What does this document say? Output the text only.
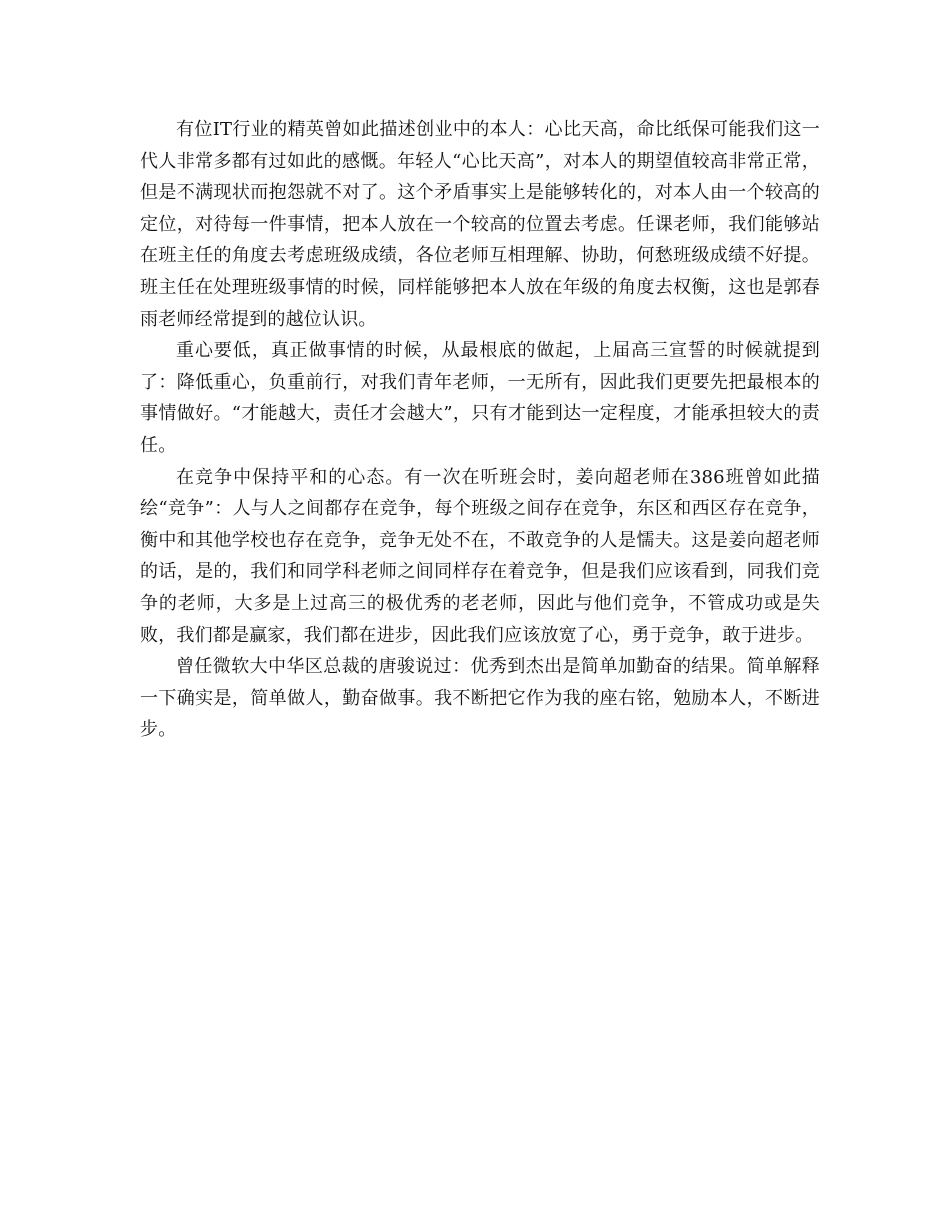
有位IT行业的精英曾如此描述创业中的本人：心比天高，命比纸保可能我们这一代人非常多都有过如此的感慨。年轻人“心比天高”，对本人的期望值较高非常正常，但是不满现状而抱怨就不对了。这个矛盾事实上是能够转化的，对本人由一个较高的定位，对待每一件事情，把本人放在一个较高的位置去考虑。任课老师，我们能够站在班主任的角度去考虑班级成绩，各位老师互相理解、协助，何愁班级成绩不好提。班主任在处理班级事情的时候，同样能够把本人放在年级的角度去权衡，这也是郭春雨老师经常提到的越位认识。

重心要低，真正做事情的时候，从最根底的做起，上届高三宣誓的时候就提到了：降低重心，负重前行，对我们青年老师，一无所有，因此我们更要先把最根本的事情做好。“才能越大，责任才会越大”，只有才能到达一定程度，才能承担较大的责任。

在竞争中保持平和的心态。有一次在听班会时，姜向超老师在386班曾如此描绘“竞争”：人与人之间都存在竞争，每个班级之间存在竞争，东区和西区存在竞争，衡中和其他学校也存在竞争，竞争无处不在，不敢竞争的人是懦夫。这是姜向超老师的话，是的，我们和同学科老师之间同样存在着竞争，但是我们应该看到，同我们竞争的老师，大多是上过高三的极优秀的老老师，因此与他们竞争，不管成功或是失败，我们都是赢家，我们都在进步，因此我们应该放宽了心，勇于竞争，敢于进步。

曾任微软大中华区总裁的唐骏说过：优秀到杰出是简单加勤奋的结果。简单解释一下确实是，简单做人，勤奋做事。我不断把它作为我的座右铭，勉励本人，不断进步。
